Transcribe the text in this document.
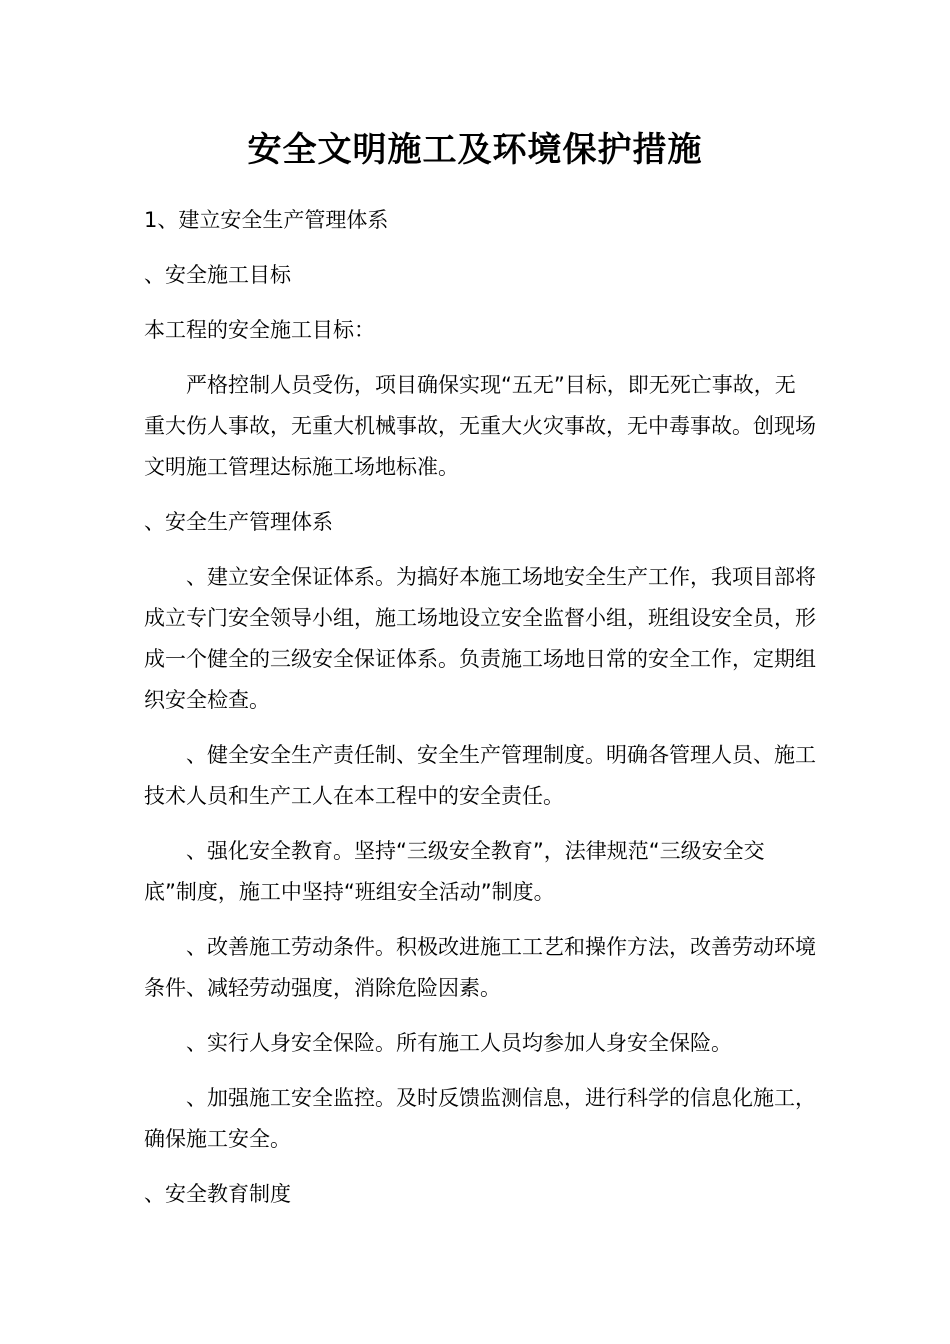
安全文明施工及环境保护措施

1、建立安全生产管理体系

、安全施工目标

本工程的安全施工目标：

严格控制人员受伤，项目确保实现“五无”目标，即无死亡事故，无重大伤人事故，无重大机械事故，无重大火灾事故，无中毒事故。创现场文明施工管理达标施工场地标准。

、安全生产管理体系

、建立安全保证体系。为搞好本施工场地安全生产工作，我项目部将成立专门安全领导小组，施工场地设立安全监督小组，班组设安全员，形成一个健全的三级安全保证体系。负责施工场地日常的安全工作，定期组织安全检查。

、健全安全生产责任制、安全生产管理制度。明确各管理人员、施工技术人员和生产工人在本工程中的安全责任。

、强化安全教育。坚持“三级安全教育”，法律规范“三级安全交底”制度，施工中坚持“班组安全活动”制度。

、改善施工劳动条件。积极改进施工工艺和操作方法，改善劳动环境条件、减轻劳动强度，消除危险因素。

、实行人身安全保险。所有施工人员均参加人身安全保险。

、加强施工安全监控。及时反馈监测信息，进行科学的信息化施工，确保施工安全。

、安全教育制度
